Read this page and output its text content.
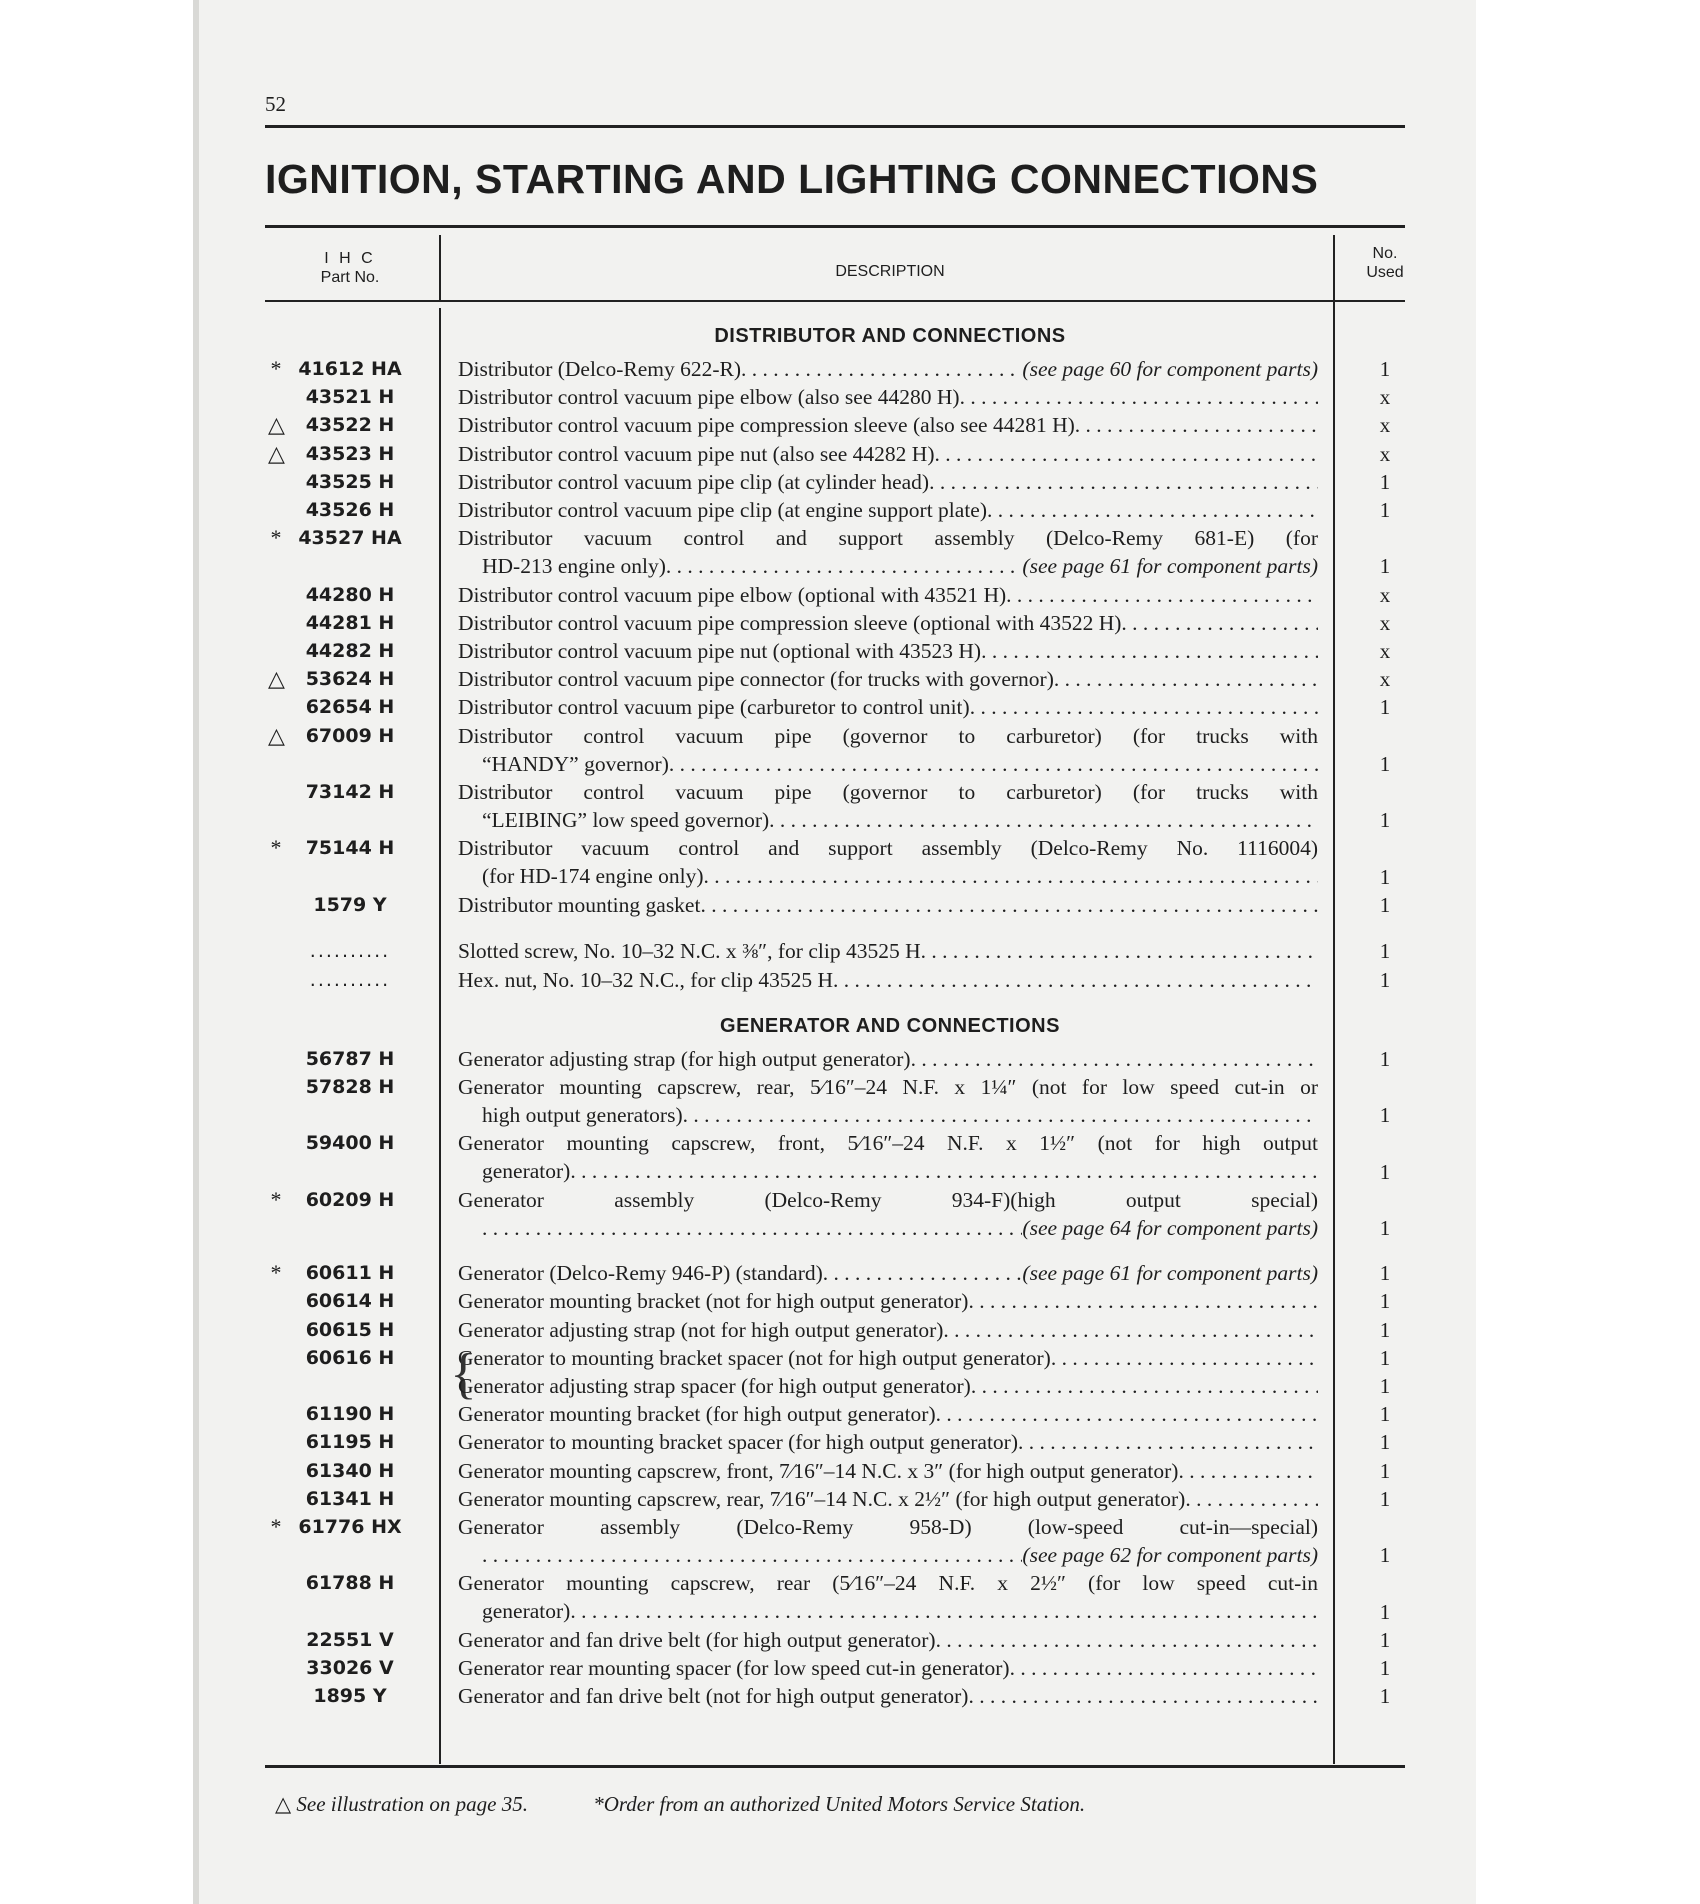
52
IGNITION, STARTING AND LIGHTING CONNECTIONS
I H C
Part No.	DESCRIPTION
No.
Used
DISTRIBUTOR AND CONNECTIONS
* 41612 HA	Distributor (Delco-Remy 622-R) . . .	(see page 60 for component parts)	1
43521 H	Distributor control vacuum pipe elbow (also see 44280 H) . . .	x
△	43522 H	Distributor control vacuum pipe compression sleeve (also see 44281 H) . . .	x
△	43523 H	Distributor control vacuum pipe nut (also see 44282 H) . . .	x
43525 H	Distributor control vacuum pipe clip (at cylinder head) . . .	1
43526 H	Distributor control vacuum pipe clip (at engine support plate) . . .	1
* 43527 HA	Distributor vacuum control and support assembly (Delco-Remy 681-E) (for
HD-213 engine only) . . .	(see page 61 for component parts)	1
44280 H	Distributor control vacuum pipe elbow (optional with 43521 H) . . .	x
44281 H	Distributor control vacuum pipe compression sleeve (optional with 43522 H) . . .	x
44282 H	Distributor control vacuum pipe nut (optional with 43523 H) . . .	x
△	53624 H	Distributor control vacuum pipe connector (for trucks with governor) . . .	x
62654 H	Distributor control vacuum pipe (carburetor to control unit) . . .	1
△	67009 H	Distributor control vacuum pipe (governor to carburetor) (for trucks with
“HANDY” governor) . . .	1
73142 H	Distributor control vacuum pipe (governor to carburetor) (for trucks with
“LEIBING” low speed governor) . . .	1
*	75144 H	Distributor vacuum control and support assembly (Delco-Remy No. 1116004)
(for HD-174 engine only) . . .	1
1579 Y	Distributor mounting gasket . . .	1
..........	Slotted screw, No. 10–32 N.C. x ⅜″, for clip 43525 H . . .	1
..........	Hex. nut, No. 10–32 N.C., for clip 43525 H . . .	1
GENERATOR AND CONNECTIONS
56787 H	Generator adjusting strap (for high output generator) . . .	1
57828 H	Generator mounting capscrew, rear, 5⁄16″–24 N.F. x 1¼″ (not for low speed cut-in or
high output generators) . . .	1
59400 H	Generator mounting capscrew, front, 5⁄16″–24 N.F. x 1½″ (not for high output
generator) . . .	1
*	60209 H	Generator assembly (Delco-Remy 934-F)(high output special)
. . .
(see page 64 for component parts)	1
*	60611 H	Generator (Delco-Remy 946-P) (standard) . . .	(see page 61 for component parts)	1
60614 H	Generator mounting bracket (not for high output generator) . . .	1
60615 H	Generator adjusting strap (not for high output generator) . . .	1
60616 H	Generator to mounting bracket spacer (not for high output generator) . . .	1
{
Generator adjusting strap spacer (for high output generator) . . .	1
61190 H	Generator mounting bracket (for high output generator) . . .	1
61195 H	Generator to mounting bracket spacer (for high output generator) . . .	1
61340 H	Generator mounting capscrew, front, 7⁄16″–14 N.C. x 3″ (for high output generator) . . .	1
61341 H	Generator mounting capscrew, rear, 7⁄16″–14 N.C. x 2½″ (for high output generator) . . .	1
* 61776 HX	Generator assembly (Delco-Remy 958-D) (low-speed cut-in—special)
. . .
(see page 62 for component parts)	1
61788 H	Generator mounting capscrew, rear (5⁄16″–24 N.F. x 2½″ (for low speed cut-in
generator) . . .	1
22551 V	Generator and fan drive belt (for high output generator) . . .	1
33026 V	Generator rear mounting spacer (for low speed cut-in generator) . . .	1
1895 Y	Generator and fan drive belt (not for high output generator) . . .	1
△ See illustration on page 35.	*Order from an authorized United Motors Service Station.
